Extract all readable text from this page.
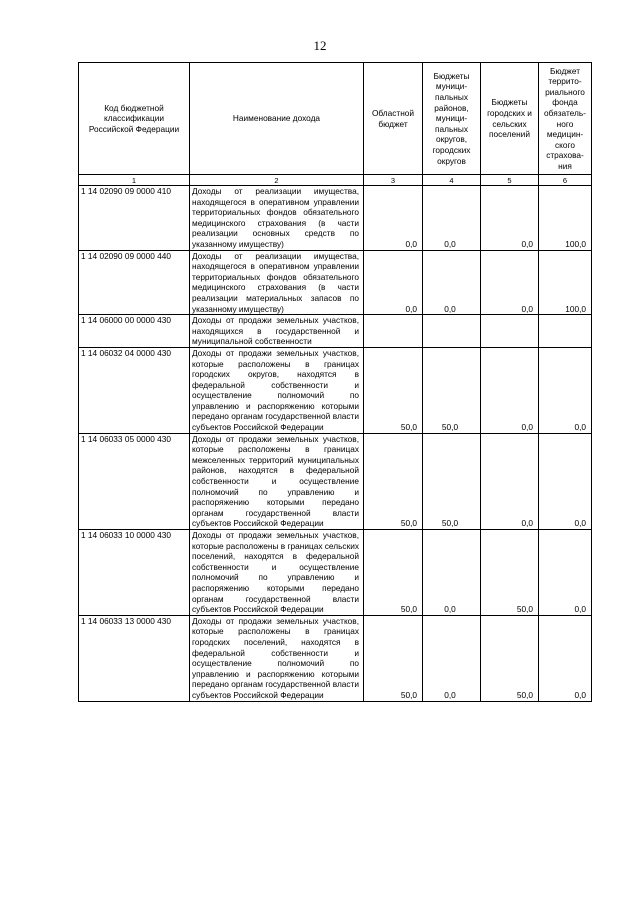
12
Код бюджетной классификации Российской Федерации	Наименование дохода	Областной бюджет	Бюджеты муници-пальных районов, муници-пальных округов, городских округов	Бюджеты городских и сельских поселений	Бюджет террито-риального фонда обязатель-ного медицин-ского страхова-ния
1	2	3	4	5	6
1 14 02090 09 0000 410	Доходы от реализации имущества, находящегося в оперативном управлении территориальных фондов обязательного медицинского страхования (в части реализации основных средств по указанному имуществу)	0,0	0,0	0,0	100,0
1 14 02090 09 0000 440	Доходы от реализации имущества, находящегося в оперативном управлении территориальных фондов обязательного медицинского страхования (в части реализации материальных запасов по указанному имуществу)	0,0	0,0	0,0	100,0
1 14 06000 00 0000 430	Доходы от продажи земельных участков, находящихся в государственной и муниципальной собственности				
1 14 06032 04 0000 430	Доходы от продажи земельных участков, которые расположены в границах городских округов, находятся в федеральной собственности и осуществление полномочий по управлению и распоряжению которыми передано органам государственной власти субъектов Российской Федерации	50,0	50,0	0,0	0,0
1 14 06033 05 0000 430	Доходы от продажи земельных участков, которые расположены в границах межселенных территорий муниципальных районов, находятся в федеральной собственности и осуществление полномочий по управлению и распоряжению которыми передано органам государственной власти субъектов Российской Федерации	50,0	50,0	0,0	0,0
1 14 06033 10 0000 430	Доходы от продажи земельных участков, которые расположены в границах сельских поселений, находятся в федеральной собственности и осуществление полномочий по управлению и распоряжению которыми передано органам государственной власти субъектов Российской Федерации	50,0	0,0	50,0	0,0
1 14 06033 13 0000 430	Доходы от продажи земельных участков, которые расположены в границах городских поселений, находятся в федеральной собственности и осуществление полномочий по управлению и распоряжению которыми передано органам государственной власти субъектов Российской Федерации	50,0	0,0	50,0	0,0
